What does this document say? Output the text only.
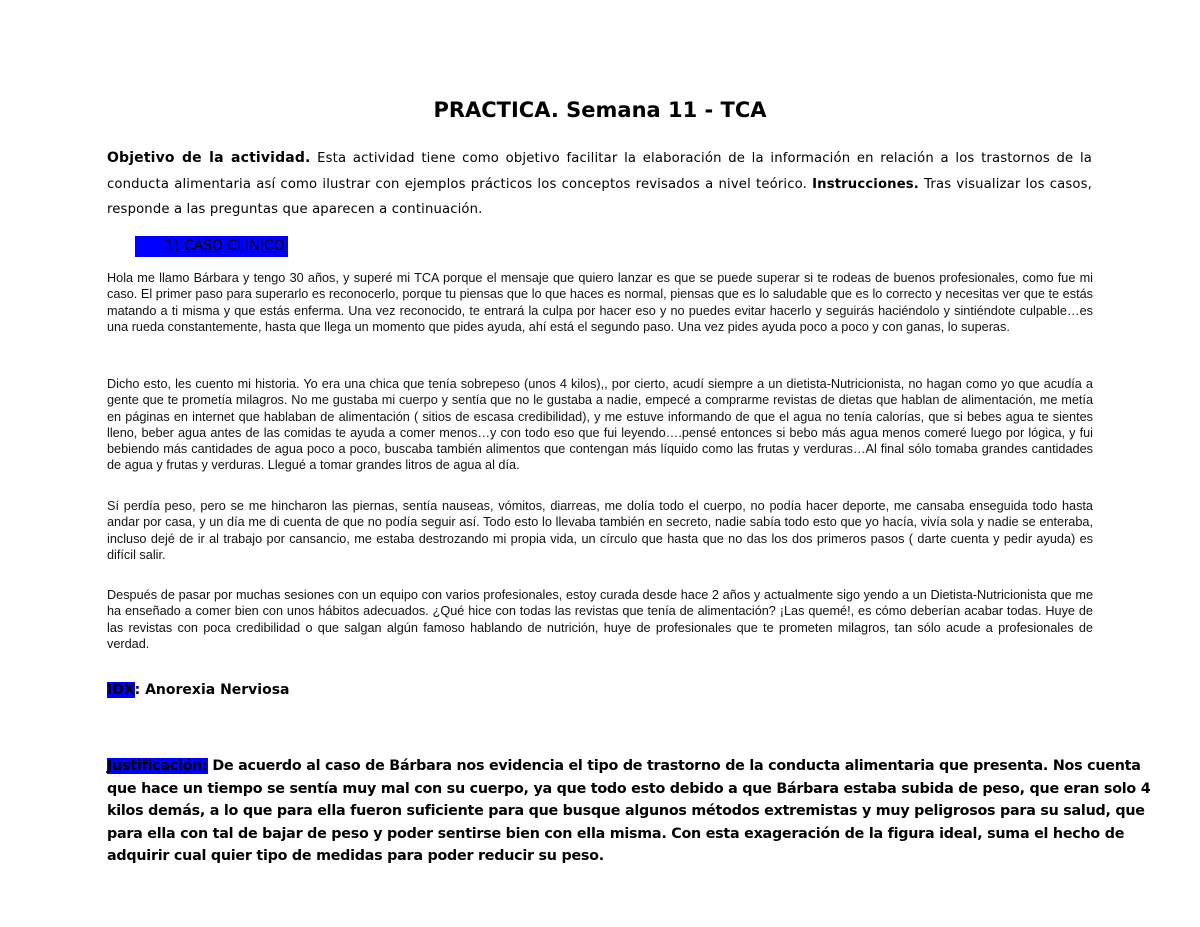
PRACTICA. Semana 11 - TCA
Objetivo de la actividad. Esta actividad tiene como objetivo facilitar la elaboración de la información en relación a los trastornos de la conducta alimentaria así como ilustrar con ejemplos prácticos los conceptos revisados a nivel teórico. Instrucciones. Tras visualizar los casos, responde a las preguntas que aparecen a continuación.
1) CASO CLINICO
Hola me llamo Bárbara y tengo 30 años, y superé mi TCA porque el mensaje que quiero lanzar es que se puede superar si te rodeas de buenos profesionales, como fue mi caso. El primer paso para superarlo es reconocerlo, porque tu piensas que lo que haces es normal, piensas que es lo saludable que es lo correcto y necesitas ver que te estás matando a ti misma y que estás enferma. Una vez reconocido, te entrará la culpa por hacer eso y no puedes evitar hacerlo y seguirás haciéndolo y sintiéndote culpable…es una rueda constantemente, hasta que llega un momento que pides ayuda, ahí está el segundo paso. Una vez pides ayuda poco a poco y con ganas, lo superas.
Dicho esto, les cuento mi historia. Yo era una chica que tenía sobrepeso (unos 4 kilos),, por cierto, acudí siempre a un dietista-Nutricionista, no hagan como yo que acudía a gente que te prometía milagros. No me gustaba mi cuerpo y sentía que no le gustaba a nadie, empecé a comprarme revistas de dietas que hablan de alimentación, me metía en páginas en internet que hablaban de alimentación ( sitios de escasa credibilidad), y me estuve informando de que el agua no tenía calorías, que si bebes agua te sientes lleno, beber agua antes de las comidas te ayuda a comer menos…y con todo eso que fui leyendo….pensé entonces si bebo más agua menos comeré luego por lógica, y fui bebiendo más cantidades de agua poco a poco, buscaba también alimentos que contengan más líquido como las frutas y verduras…Al final sólo tomaba grandes cantidades de agua y frutas y verduras. Llegué a tomar grandes litros de agua al día.
Sí perdía peso, pero se me hincharon las piernas, sentía nauseas, vómitos, diarreas, me dolía todo el cuerpo, no podía hacer deporte, me cansaba enseguida todo hasta andar por casa, y un día me di cuenta de que no podía seguir así. Todo esto lo llevaba también en secreto, nadie sabía todo esto que yo hacía, vivía sola y nadie se enteraba, incluso dejé de ir al trabajo por cansancio, me estaba destrozando mi propia vida, un círculo que hasta que no das los dos primeros pasos ( darte cuenta y pedir ayuda) es difícil salir.
Después de pasar por muchas sesiones con un equipo con varios profesionales, estoy curada desde hace 2 años y actualmente sigo yendo a un Dietista-Nutricionista que me ha enseñado a comer bien con unos hábitos adecuados. ¿Qué hice con todas las revistas que tenía de alimentación? ¡Las quemé!, es cómo deberían acabar todas. Huye de las revistas con poca credibilidad o que salgan algún famoso hablando de nutrición, huye de profesionales que te prometen milagros, tan sólo acude a profesionales de verdad.
IDX: Anorexia Nerviosa
Justificación: De acuerdo al caso de Bárbara nos evidencia el tipo de trastorno de la conducta alimentaria que presenta. Nos cuenta que hace un tiempo se sentía muy mal con su cuerpo, ya que todo esto debido a que Bárbara estaba subida de peso, que eran solo 4 kilos demás, a lo que para ella fueron suficiente para que busque algunos métodos extremistas y muy peligrosos para su salud, que para ella con tal de bajar de peso y poder sentirse bien con ella misma. Con esta exageración de la figura ideal, suma el hecho de adquirir cual quier tipo de medidas para poder reducir su peso.
